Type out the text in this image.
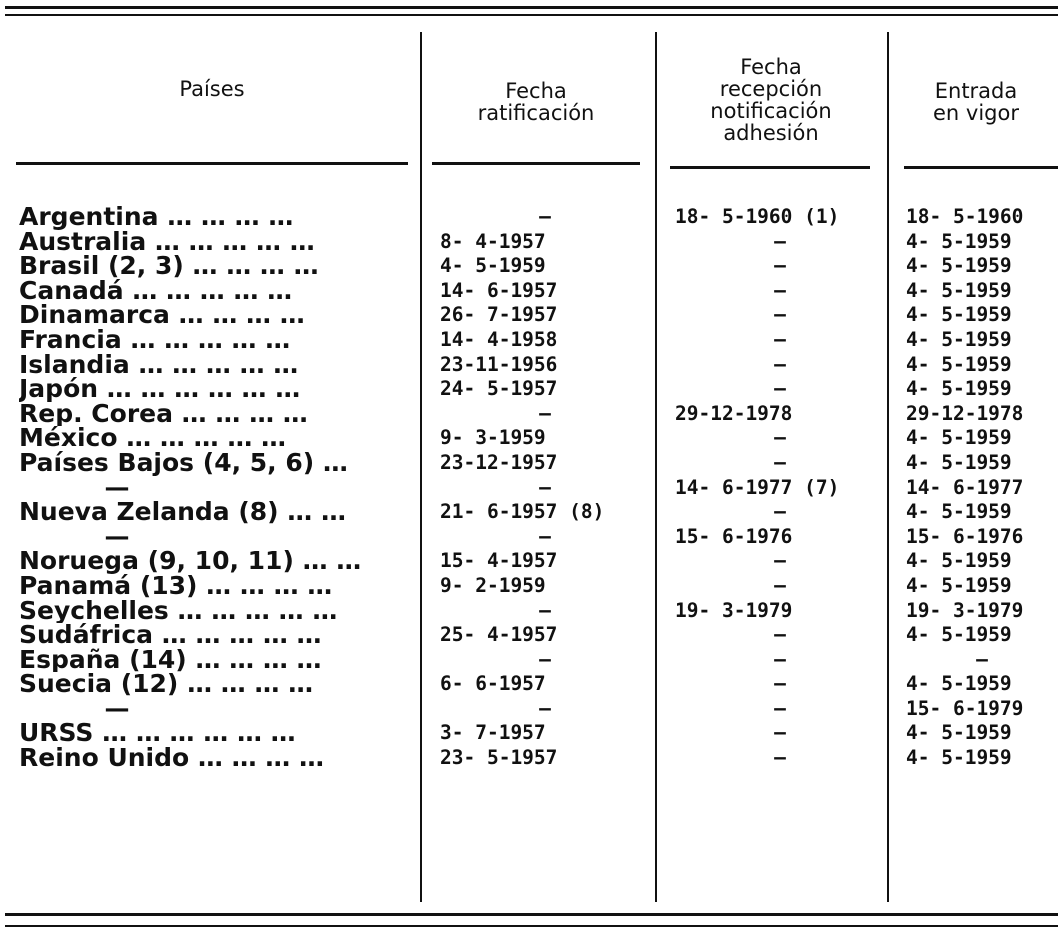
Países	Fecha
ratificación
Fecha
recepción
notificación
adhesión
Entrada
en vigor
Argentina … … … …
Australia … … … … …
Brasil (2, 3) … … … …
Canadá … … … … …
Dinamarca … … … …
Francia … … … … …
Islandia … … … … …
Japón … … … … … …
Rep. Corea … … … …
México … … … … …
Países Bajos (4, 5, 6) …
—
Nueva Zelanda (8) … …
—
Noruega (9, 10, 11) … …
Panamá (13) … … … …
Seychelles … … … … …
Sudáfrica … … … … …
España (14) … … … …
Suecia (12) … … … …
—
URSS … … … … … …
Reino Unido … … … …
—
8- 4-1957
4- 5-1959
14- 6-1957
26- 7-1957
14- 4-1958
23-11-1956
24- 5-1957
—
9- 3-1959
23-12-1957
—
21- 6-1957 (8)
—
15- 4-1957
9- 2-1959
—
25- 4-1957
—
6- 6-1957
—
3- 7-1957
23- 5-1957
18- 5-1960 (1)
—
—
—
—
—
—
—
29-12-1978
—
—
14- 6-1977 (7)
—
15- 6-1976
—
—
19- 3-1979
—
—
—
—
—
—
18- 5-1960
4- 5-1959
4- 5-1959
4- 5-1959
4- 5-1959
4- 5-1959
4- 5-1959
4- 5-1959
29-12-1978
4- 5-1959
4- 5-1959
14- 6-1977
4- 5-1959
15- 6-1976
4- 5-1959
4- 5-1959
19- 3-1979
4- 5-1959
—
4- 5-1959
15- 6-1979
4- 5-1959
4- 5-1959
